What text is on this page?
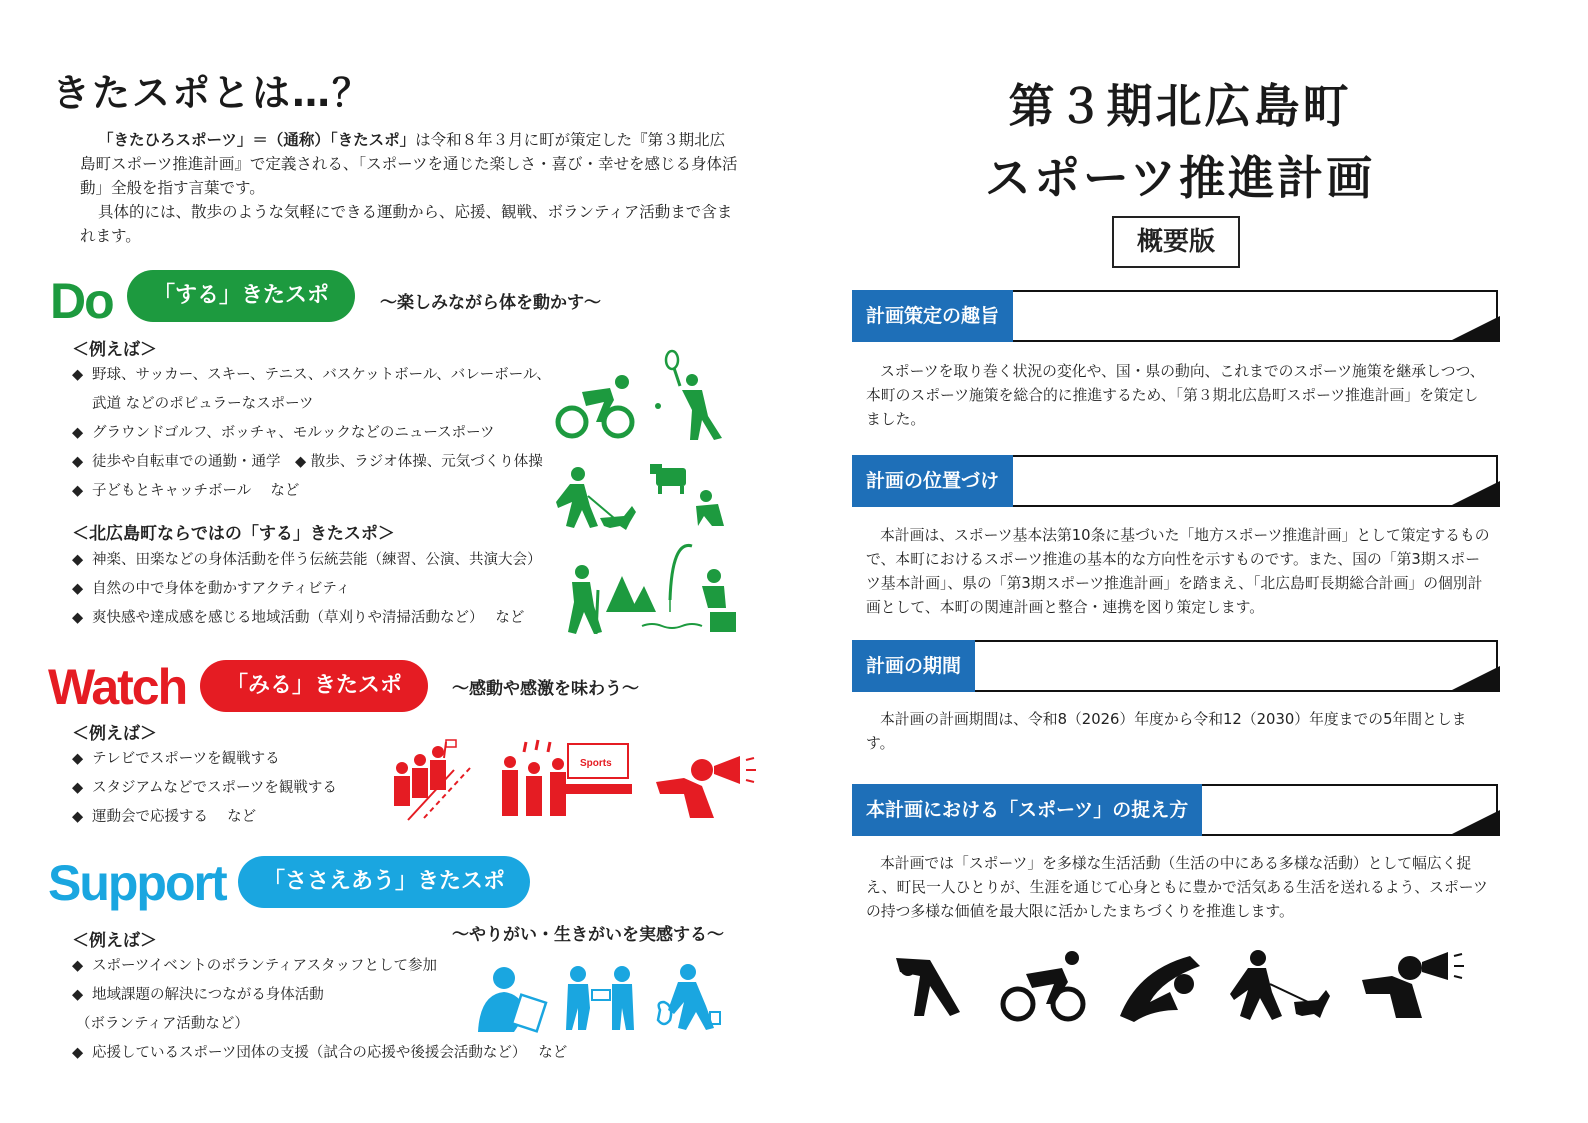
きたスポとは…？

「きたひろスポーツ」＝（通称）「きたスポ」は令和８年３月に町が策定した『第３期北広島町スポーツ推進計画』で定義される、「スポーツを通じた楽しさ・喜び・幸せを感じる身体活動」全般を指す言葉です。

具体的には、散歩のような気軽にできる運動から、応援、観戦、ボランティア活動まで含まれます。

Do	「する」きたスポ	～楽しみながら体を動かす～
＜例えば＞
◆ 野球、サッカー、スキー、テニス、バスケットボール、バレーボール、
武道 などのポピュラーなスポーツ
◆ グラウンドゴルフ、ボッチャ、モルックなどのニュースポーツ
◆ 徒歩や自転車での通勤・通学　◆ 散歩、ラジオ体操、元気づくり体操
◆ 子どもとキャッチボール　 など
＜北広島町ならではの「する」きたスポ＞
◆ 神楽、田楽などの身体活動を伴う伝統芸能（練習、公演、共演大会）
◆ 自然の中で身体を動かすアクティビティ
◆ 爽快感や達成感を感じる地域活動（草刈りや清掃活動など）　 など
Watch	「みる」きたスポ	～感動や感激を味わう～
＜例えば＞
◆ テレビでスポーツを観戦する
◆ スタジアムなどでスポーツを観戦する
◆ 運動会で応援する　 など
Sports
Support	「ささえあう」きたスポ
～やりがい・生きがいを実感する～
＜例えば＞
◆ スポーツイベントのボランティアスタッフとして参加
◆ 地域課題の解決につながる身体活動
（ボランティア活動など）
◆ 応援しているスポーツ団体の支援（試合の応援や後援会活動など）　 など
第３期北広島町
スポーツ推進計画
概要版
計画策定の趣旨

スポーツを取り巻く状況の変化や、国・県の動向、これまでのスポーツ施策を継承しつつ、本町のスポーツ施策を総合的に推進するため、「第３期北広島町スポーツ推進計画」を策定しました。

計画の位置づけ

本計画は、スポーツ基本法第10条に基づいた「地方スポーツ推進計画」として策定するもので、本町におけるスポーツ推進の基本的な方向性を示すものです。また、国の「第3期スポーツ基本計画」、県の「第3期スポーツ推進計画」を踏まえ、「北広島町長期総合計画」の個別計画として、本町の関連計画と整合・連携を図り策定します。

計画の期間

本計画の計画期間は、令和8（2026）年度から令和12（2030）年度までの5年間とします。

本計画における「スポーツ」の捉え方

本計画では「スポーツ」を多様な生活活動（生活の中にある多様な活動）として幅広く捉え、町民一人ひとりが、生涯を通じて心身ともに豊かで活気ある生活を送れるよう、スポーツの持つ多様な価値を最大限に活かしたまちづくりを推進します。
